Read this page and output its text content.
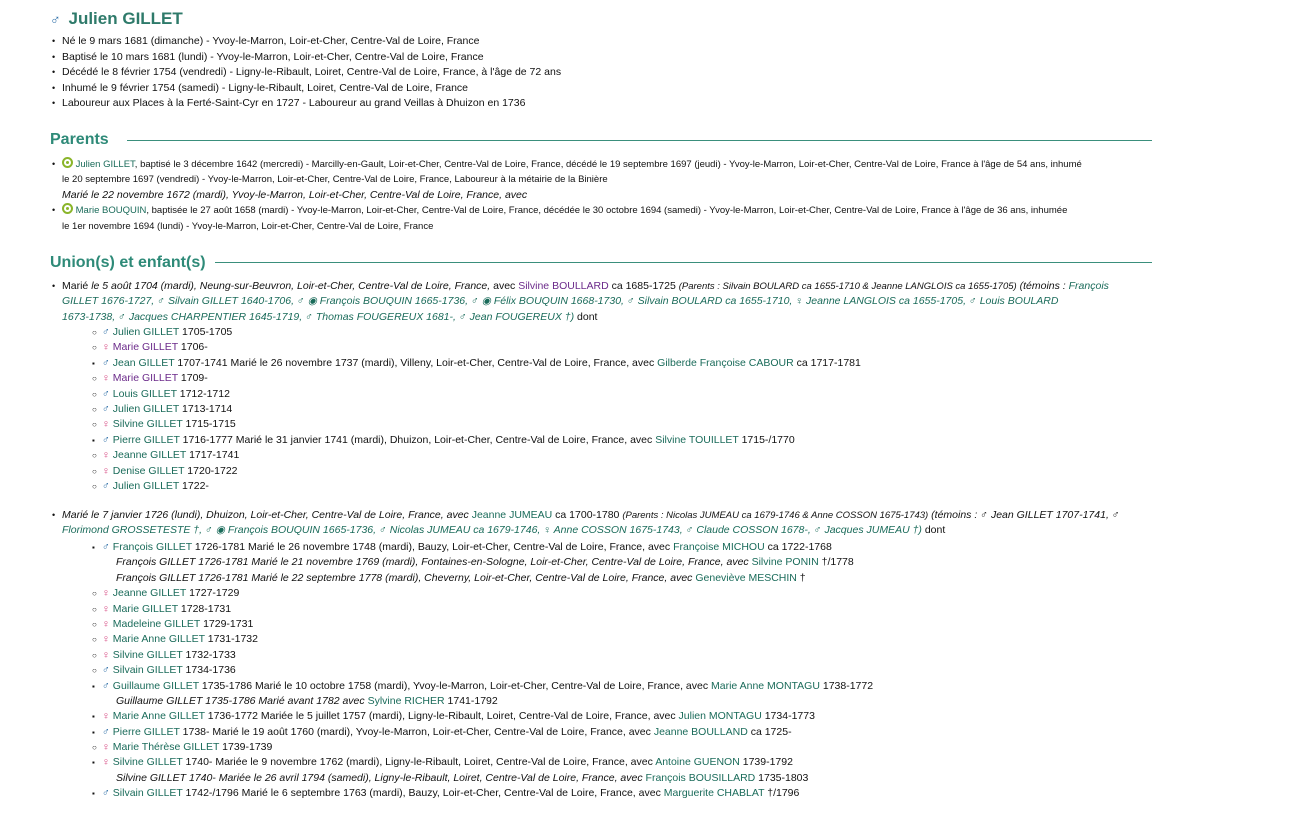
♂ Julien GILLET
• Né le 9 mars 1681 (dimanche) - Yvoy-le-Marron, Loir-et-Cher, Centre-Val de Loire, France
• Baptisé le 10 mars 1681 (lundi) - Yvoy-le-Marron, Loir-et-Cher, Centre-Val de Loire, France
• Décédé le 8 février 1754 (vendredi) - Ligny-le-Ribault, Loiret, Centre-Val de Loire, France, à l'âge de 72 ans
• Inhumé le 9 février 1754 (samedi) - Ligny-le-Ribault, Loiret, Centre-Val de Loire, France
• Laboureur aux Places à la Ferté-Saint-Cyr en 1727 - Laboureur au grand Veillas à Dhuizon en 1736
Parents
• Julien GILLET, baptisé le 3 décembre 1642 (mercredi) - Marcilly-en-Gault, Loir-et-Cher, Centre-Val de Loire, France, décédé le 19 septembre 1697 (jeudi) - Yvoy-le-Marron, Loir-et-Cher, Centre-Val de Loire, France à l'âge de 54 ans, inhumé
le 20 septembre 1697 (vendredi) - Yvoy-le-Marron, Loir-et-Cher, Centre-Val de Loire, France, Laboureur à la métairie de la Binière
Marié le 22 novembre 1672 (mardi), Yvoy-le-Marron, Loir-et-Cher, Centre-Val de Loire, France, avec
• Marie BOUQUIN, baptisée le 27 août 1658 (mardi) - Yvoy-le-Marron, Loir-et-Cher, Centre-Val de Loire, France, décédée le 30 octobre 1694 (samedi) - Yvoy-le-Marron, Loir-et-Cher, Centre-Val de Loire, France à l'âge de 36 ans, inhumée
le 1er novembre 1694 (lundi) - Yvoy-le-Marron, Loir-et-Cher, Centre-Val de Loire, France
Union(s) et enfant(s)
• Marié le 5 août 1704 (mardi), Neung-sur-Beuvron, Loir-et-Cher, Centre-Val de Loire, France, avec Silvine BOULLARD ca 1685-1725 (Parents : Silvain BOULARD ca 1655-1710 & Jeanne LANGLOIS ca 1655-1705) (témoins : François
GILLET 1676-1727, ♂ Silvain GILLET 1640-1706, ♂ ◉ François BOUQUIN 1665-1736, ♂ ◉ Félix BOUQUIN 1668-1730, ♂ Silvain BOULARD ca 1655-1710, ♀ Jeanne LANGLOIS ca 1655-1705, ♂ Louis BOULARD
1673-1738, ♂ Jacques CHARPENTIER 1645-1719, ♂ Thomas FOUGEREUX 1681-, ♂ Jean FOUGEREUX †) dont
○ ♂ Julien GILLET 1705-1705
○ ♀ Marie GILLET 1706-
▪ ♂ Jean GILLET 1707-1741 Marié le 26 novembre 1737 (mardi), Villeny, Loir-et-Cher, Centre-Val de Loire, France, avec Gilberde Françoise CABOUR ca 1717-1781
○ ♀ Marie GILLET 1709-
○ ♂ Louis GILLET 1712-1712
○ ♂ Julien GILLET 1713-1714
○ ♀ Silvine GILLET 1715-1715
▪ ♂ Pierre GILLET 1716-1777 Marié le 31 janvier 1741 (mardi), Dhuizon, Loir-et-Cher, Centre-Val de Loire, France, avec Silvine TOUILLET 1715-/1770
○ ♀ Jeanne GILLET 1717-1741
○ ♀ Denise GILLET 1720-1722
○ ♂ Julien GILLET 1722-
• Marié le 7 janvier 1726 (lundi), Dhuizon, Loir-et-Cher, Centre-Val de Loire, France, avec Jeanne JUMEAU ca 1700-1780 (Parents : Nicolas JUMEAU ca 1679-1746 & Anne COSSON 1675-1743) (témoins : ♂ Jean GILLET 1707-1741, ♂
Florimond GROSSETESTE †, ♂ ◉ François BOUQUIN 1665-1736, ♂ Nicolas JUMEAU ca 1679-1746, ♀ Anne COSSON 1675-1743, ♂ Claude COSSON 1678-, ♂ Jacques JUMEAU †) dont
▪ ♂ François GILLET 1726-1781 Marié le 26 novembre 1748 (mardi), Bauzy, Loir-et-Cher, Centre-Val de Loire, France, avec Françoise MICHOU ca 1722-1768
François GILLET 1726-1781 Marié le 21 novembre 1769 (mardi), Fontaines-en-Sologne, Loir-et-Cher, Centre-Val de Loire, France, avec Silvine PONIN †/1778
François GILLET 1726-1781 Marié le 22 septembre 1778 (mardi), Cheverny, Loir-et-Cher, Centre-Val de Loire, France, avec Geneviève MESCHIN †
○ ♀ Jeanne GILLET 1727-1729
○ ♀ Marie GILLET 1728-1731
○ ♀ Madeleine GILLET 1729-1731
○ ♀ Marie Anne GILLET 1731-1732
○ ♀ Silvine GILLET 1732-1733
○ ♂ Silvain GILLET 1734-1736
▪ ♂ Guillaume GILLET 1735-1786 Marié le 10 octobre 1758 (mardi), Yvoy-le-Marron, Loir-et-Cher, Centre-Val de Loire, France, avec Marie Anne MONTAGU 1738-1772
Guillaume GILLET 1735-1786 Marié avant 1782 avec Sylvine RICHER 1741-1792
▪ ♀ Marie Anne GILLET 1736-1772 Mariée le 5 juillet 1757 (mardi), Ligny-le-Ribault, Loiret, Centre-Val de Loire, France, avec Julien MONTAGU 1734-1773
▪ ♂ Pierre GILLET 1738- Marié le 19 août 1760 (mardi), Yvoy-le-Marron, Loir-et-Cher, Centre-Val de Loire, France, avec Jeanne BOULLAND ca 1725-
○ ♀ Marie Thérèse GILLET 1739-1739
▪ ♀ Silvine GILLET 1740- Mariée le 9 novembre 1762 (mardi), Ligny-le-Ribault, Loiret, Centre-Val de Loire, France, avec Antoine GUENON 1739-1792
Silvine GILLET 1740- Mariée le 26 avril 1794 (samedi), Ligny-le-Ribault, Loiret, Centre-Val de Loire, France, avec François BOUSILLARD 1735-1803
▪ ♂ Silvain GILLET 1742-/1796 Marié le 6 septembre 1763 (mardi), Bauzy, Loir-et-Cher, Centre-Val de Loire, France, avec Marguerite CHABLAT †/1796
